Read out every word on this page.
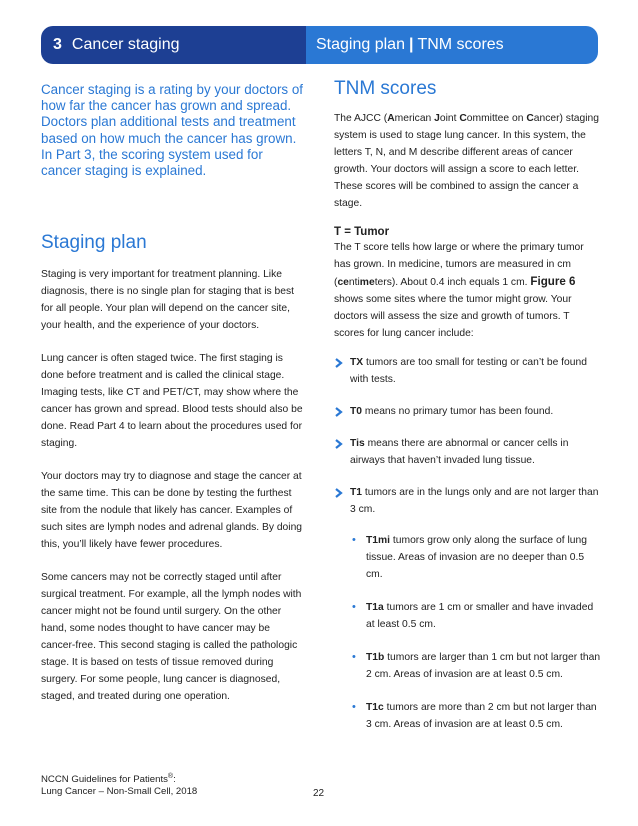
3 Cancer staging	Staging plan | TNM scores

Cancer staging is a rating by your doctors of how far the cancer has grown and spread. Doctors plan additional tests and treatment based on how much the cancer has grown. In Part 3, the scoring system used for cancer staging is explained.

Staging plan

Staging is very important for treatment planning. Like diagnosis, there is no single plan for staging that is best for all people. Your plan will depend on the cancer site, your health, and the experience of your doctors.

Lung cancer is often staged twice. The first staging is done before treatment and is called the clinical stage. Imaging tests, like CT and PET/CT, may show where the cancer has grown and spread. Blood tests should also be done. Read Part 4 to learn about the procedures used for staging.

Your doctors may try to diagnose and stage the cancer at the same time. This can be done by testing the furthest site from the nodule that likely has cancer. Examples of such sites are lymph nodes and adrenal glands. By doing this, you’ll likely have fewer procedures.

Some cancers may not be correctly staged until after surgical treatment. For example, all the lymph nodes with cancer might not be found until surgery. On the other hand, some nodes thought to have cancer may be cancer-free. This second staging is called the pathologic stage. It is based on tests of tissue removed during surgery. For some people, lung cancer is diagnosed, staged, and treated during one operation.

TNM scores

The AJCC (American Joint Committee on Cancer) staging system is used to stage lung cancer. In this system, the letters T, N, and M describe different areas of cancer growth. Your doctors will assign a score to each letter. These scores will be combined to assign the cancer a stage.

T = Tumor

The T score tells how large or where the primary tumor has grown. In medicine, tumors are measured in cm (centimeters). About 0.4 inch equals 1 cm. Figure 6 shows some sites where the tumor might grow. Your doctors will assess the size and growth of tumors. T scores for lung cancer include:

TX tumors are too small for testing or can’t be found with tests.
T0 means no primary tumor has been found.
Tis means there are abnormal or cancer cells in airways that haven’t invaded lung tissue.
T1 tumors are in the lungs only and are not larger than 3 cm.
• T1mi tumors grow only along the surface of lung tissue. Areas of invasion are no deeper than 0.5 cm.
• T1a tumors are 1 cm or smaller and have invaded at least 0.5 cm.
• T1b tumors are larger than 1 cm but not larger than 2 cm. Areas of invasion are at least 0.5 cm.
• T1c tumors are more than 2 cm but not larger than 3 cm. Areas of invasion are at least 0.5 cm.
NCCN Guidelines for Patients®:
Lung Cancer – Non-Small Cell, 2018	22
